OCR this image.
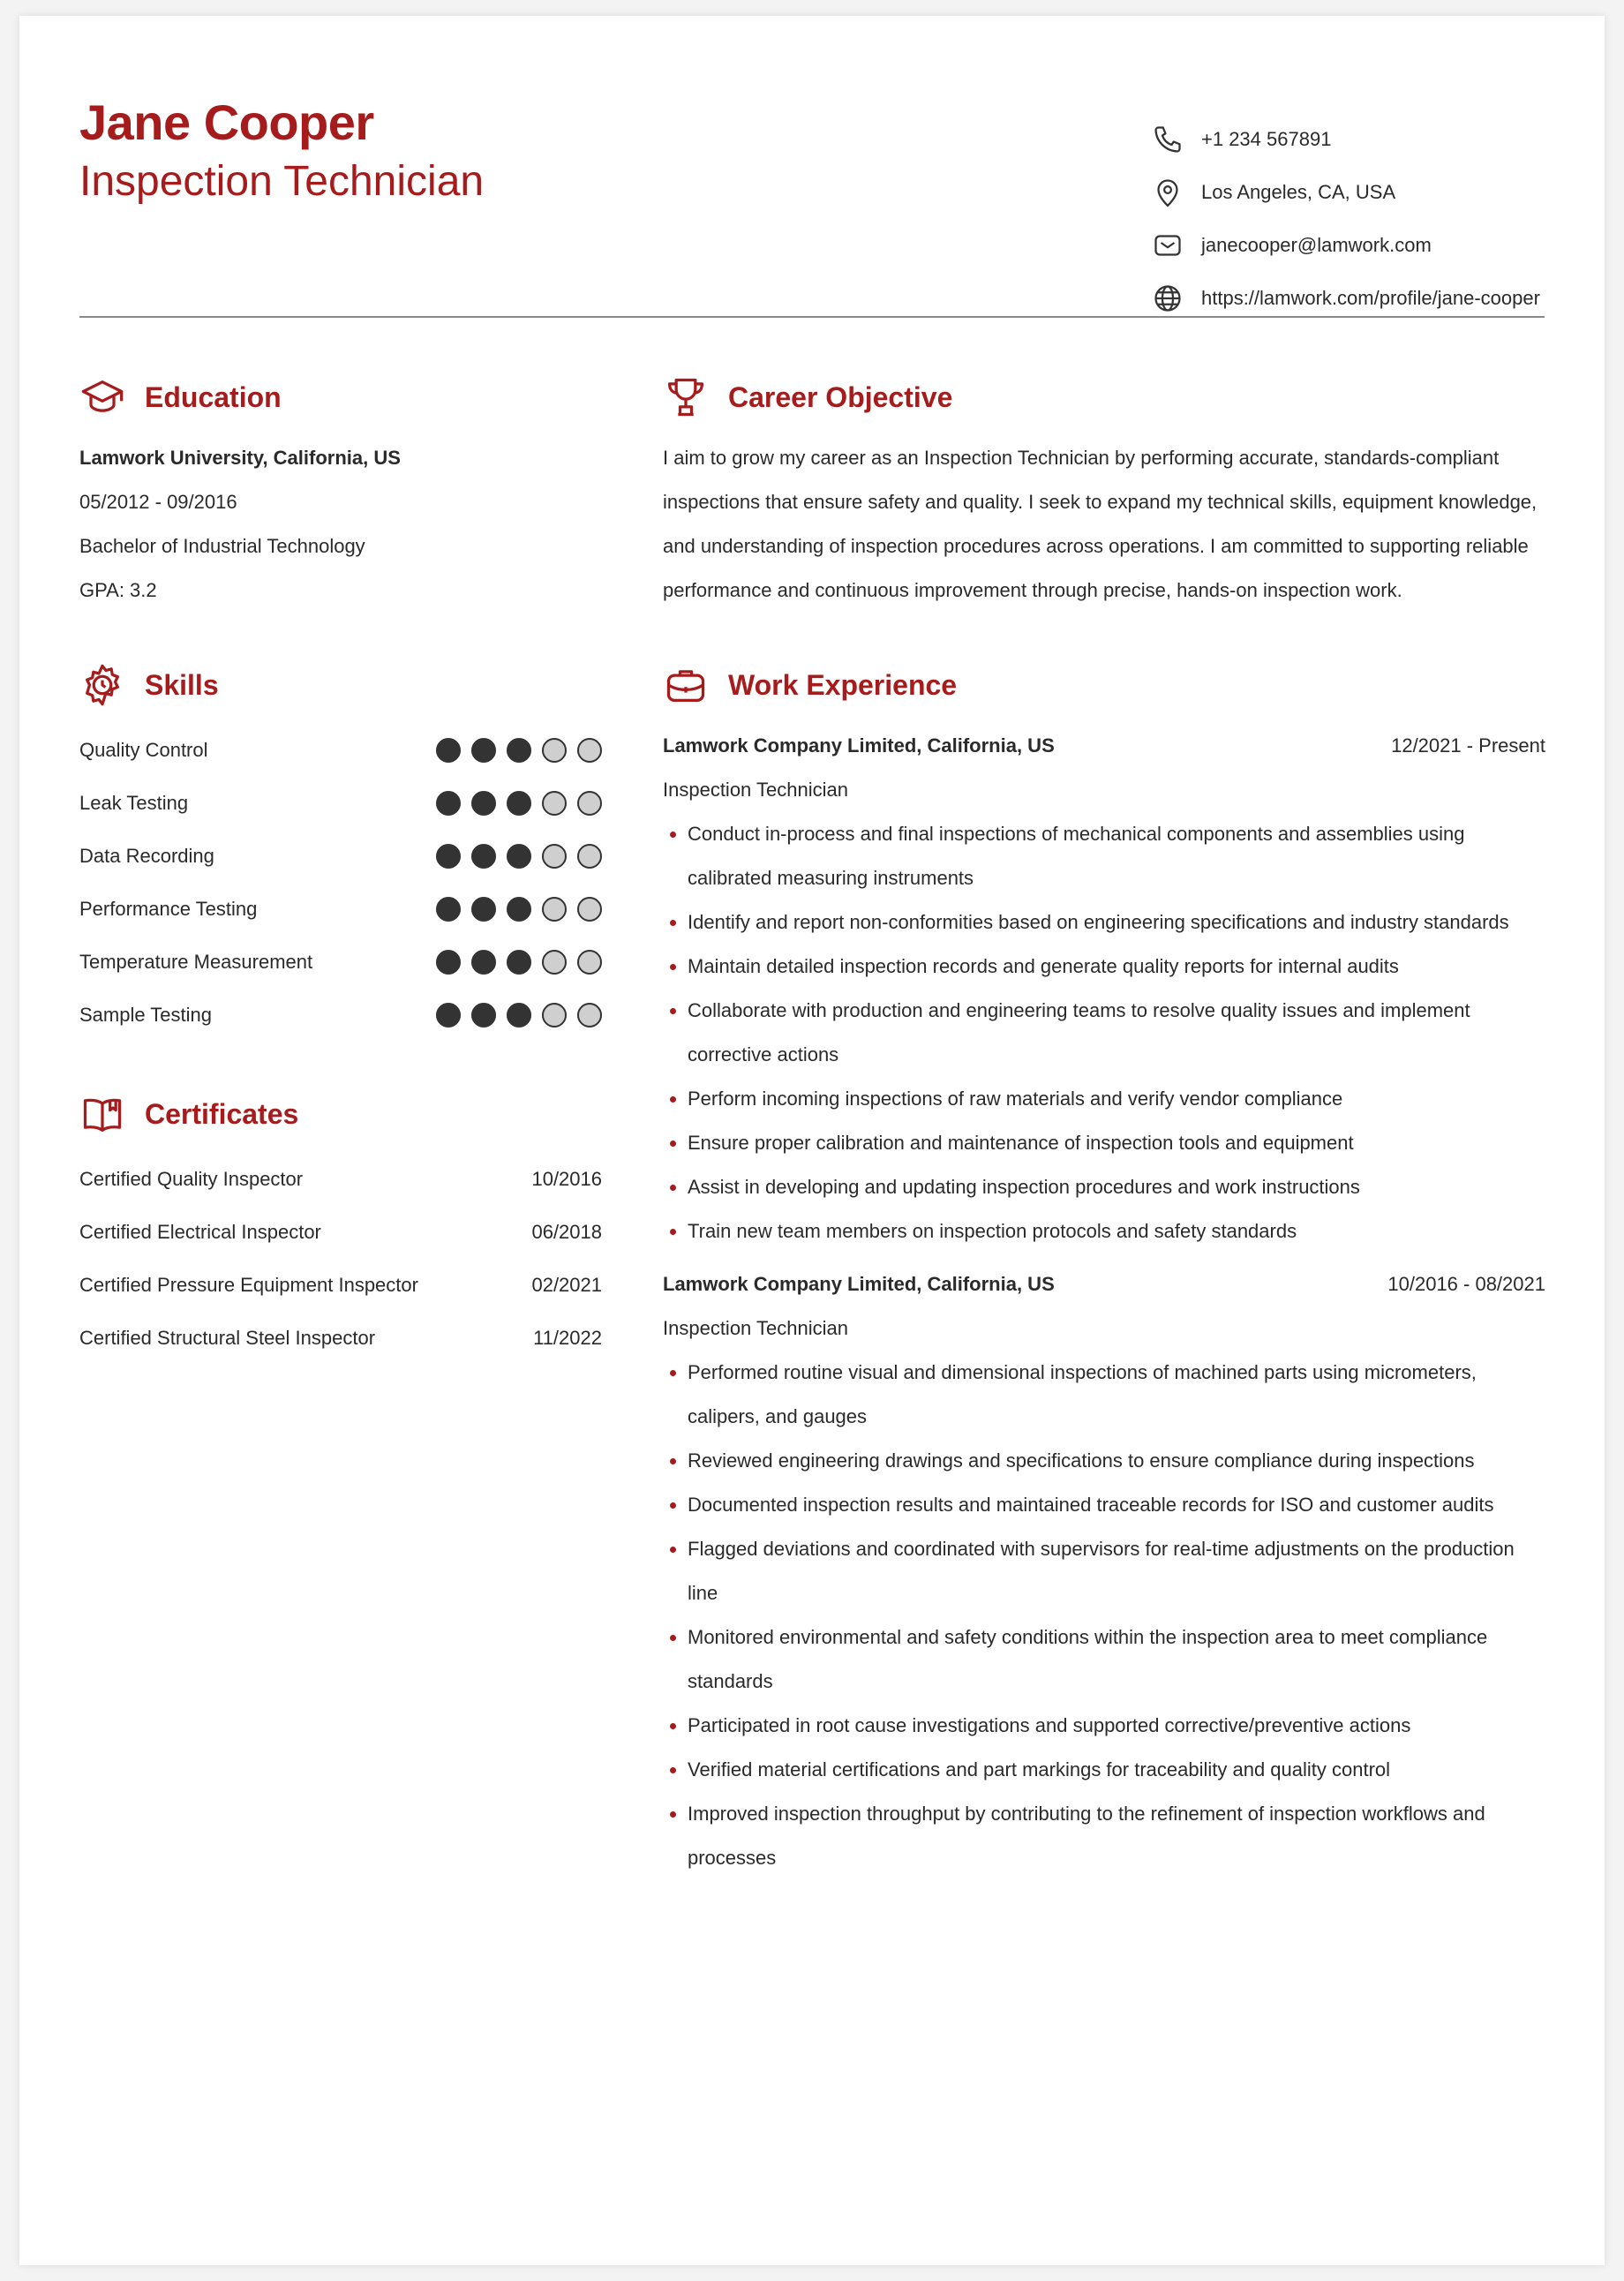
Jane Cooper
Inspection Technician
+1 234 567891
Los Angeles, CA, USA
janecooper@lamwork.com
https://lamwork.com/profile/jane-cooper
Education
Lamwork University, California, US
05/2012 - 09/2016
Bachelor of Industrial Technology
GPA: 3.2
Skills
Quality Control
Leak Testing
Data Recording
Performance Testing
Temperature Measurement
Sample Testing
Certificates
Certified Quality Inspector	10/2016
Certified Electrical Inspector	06/2018
Certified Pressure Equipment Inspector	02/2021
Certified Structural Steel Inspector	11/2022
Career Objective
I aim to grow my career as an Inspection Technician by performing accurate, standards-compliant
inspections that ensure safety and quality. I seek to expand my technical skills, equipment knowledge,
and understanding of inspection procedures across operations. I am committed to supporting reliable
performance and continuous improvement through precise, hands-on inspection work.
Work Experience
Lamwork Company Limited, California, US	12/2021 - Present
Inspection Technician
Conduct in-process and final inspections of mechanical components and assemblies using calibrated measuring instruments
Identify and report non-conformities based on engineering specifications and industry standards
Maintain detailed inspection records and generate quality reports for internal audits
Collaborate with production and engineering teams to resolve quality issues and implement corrective actions
Perform incoming inspections of raw materials and verify vendor compliance
Ensure proper calibration and maintenance of inspection tools and equipment
Assist in developing and updating inspection procedures and work instructions
Train new team members on inspection protocols and safety standards
Lamwork Company Limited, California, US	10/2016 - 08/2021
Inspection Technician
Performed routine visual and dimensional inspections of machined parts using micrometers, calipers, and gauges
Reviewed engineering drawings and specifications to ensure compliance during inspections
Documented inspection results and maintained traceable records for ISO and customer audits
Flagged deviations and coordinated with supervisors for real-time adjustments on the production line
Monitored environmental and safety conditions within the inspection area to meet compliance standards
Participated in root cause investigations and supported corrective/preventive actions
Verified material certifications and part markings for traceability and quality control
Improved inspection throughput by contributing to the refinement of inspection workflows and processes
